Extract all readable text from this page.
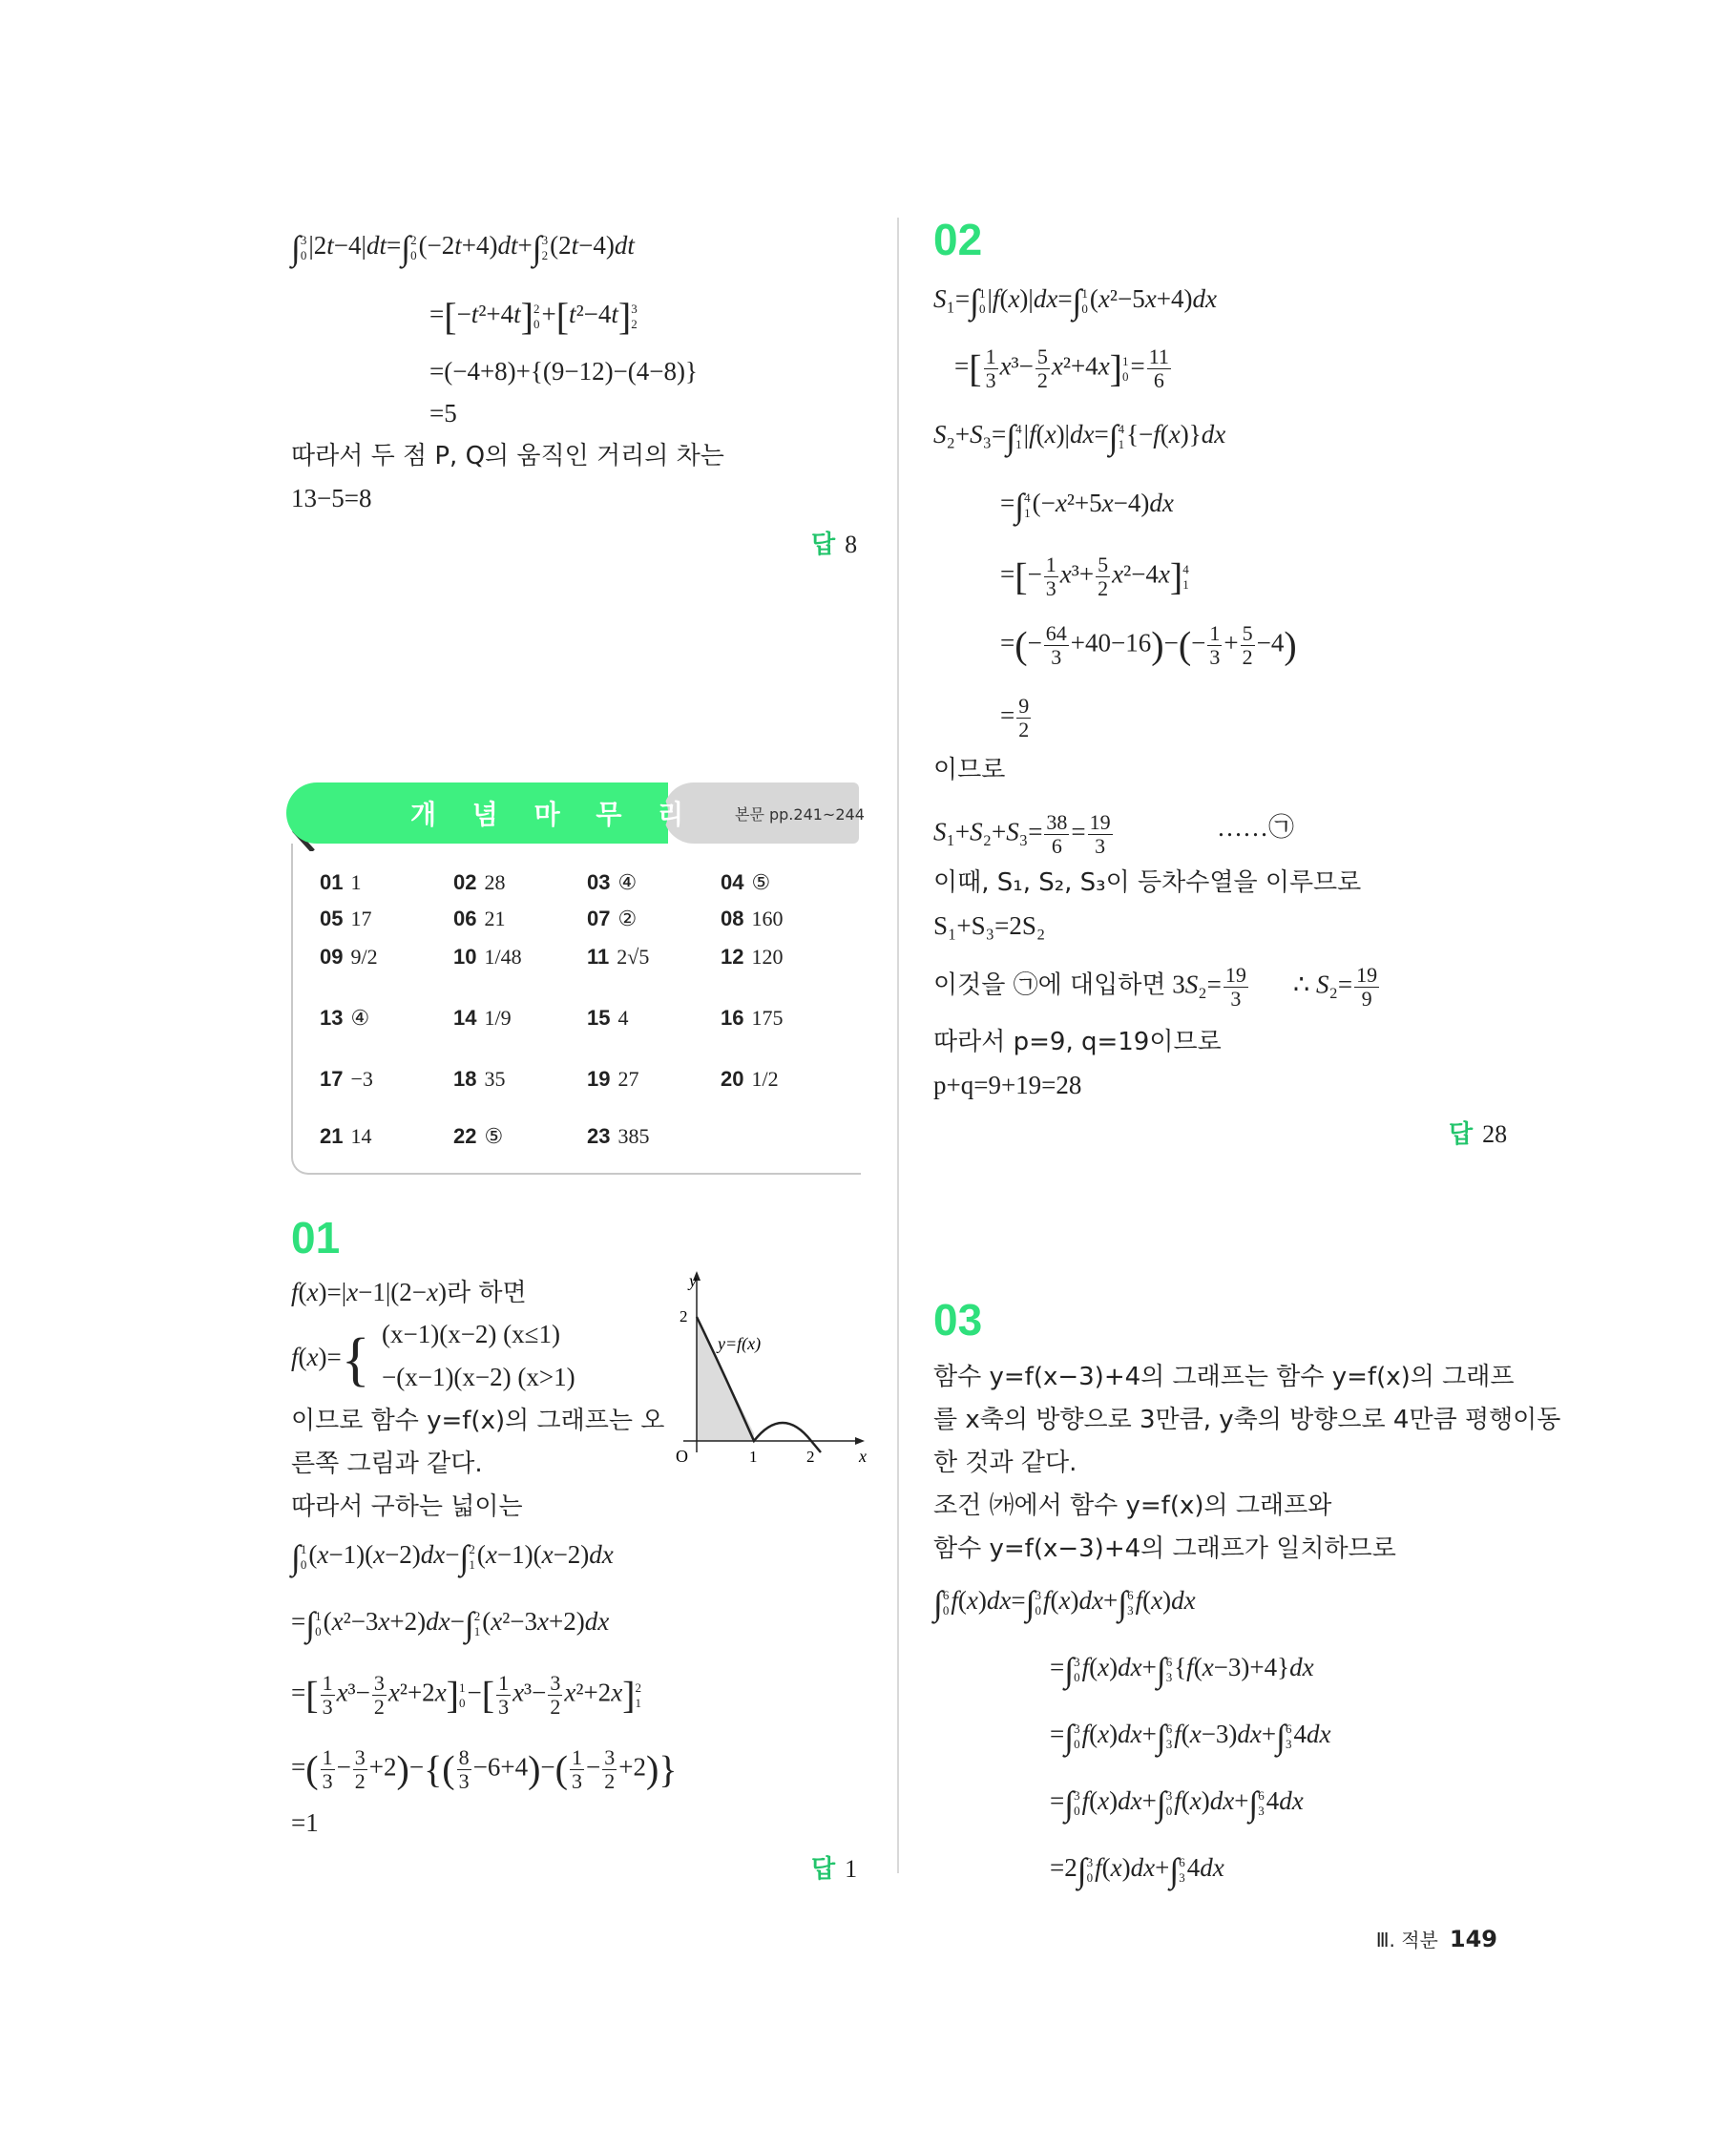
∫ 3
0 |2t−4|dt=∫ 2
0 (−2t+4)dt+∫ 3
2 (2t−4)dt
=[−t²+4t] 2
0 +[t²−4t] 3
2
=(−4+8)+{(9−12)−(4−8)}
=5
따라서 두 점 P, Q의 움직인 거리의 차는
13−5=8
답 8
개 념 마 무 리 본문 pp.241~244
01 1	02 28	03 ④	04 ⑤
05 17	06 21	07 ②	08 160
09 9/2	10 1/48	11 2√5	12 120
13 ④	14 1/9	15 4	16 175
17 −3	18 35	19 27	20 1/2
21 14	22 ⑤	23 385
01
f(x)=|x−1|(2−x)라 하면
f(x)={ (x−1)(x−2) (x≤1)
−(x−1)(x−2) (x>1)
이므로 함수 y=f(x)의 그래프는 오
른쪽 그림과 같다.
따라서 구하는 넓이는
y
x
O
2
1	2
y=f(x)
∫ 1
0 (x−1)(x−2)dx−∫ 2
1 (x−1)(x−2)dx
=∫ 1
0 (x²−3x+2)dx−∫ 2
1 (x²−3x+2)dx
=[ $\frac{1}{3} x^3- \frac{3}{2} x^2+2x$] 1
0 −[ $\frac{1}{3} x^3- \frac{3}{2} x^2+2x$] 2
1
=( $\frac{1}{3} - \frac{3}{2} +2)-\{( \frac{8}{3} -6+4)-( \frac{1}{3} - \frac{3}{2} +2)\}$
=1
답 1
02
S₁=∫ 1
0 |f(x)|dx=∫ 1
0 (x²−5x+4)dx
=[ $\frac{1}{3} x^3- \frac{5}{2} x^2+4x$] 1
$0 = \frac{11}{6}$
S₂+S₃=∫ 4
1 |f(x)|dx=∫ 4
1 {−f(x)}dx
=∫ 4
1 (−x²+5x−4)dx
=[− $\frac{1}{3} x^3+ \frac{5}{2} x^2-4x$] 4
1
=(− $\frac{64}{3} +40-16)-(- \frac{1}{3} + \frac{5}{2} -4)$
= $\frac{9}{2}$
이므로
$S_1+S_2+S_3= \frac{38}{6} = \frac{19}{3}$	……㉠
이때, S₁, S₂, S₃이 등차수열을 이루므로
S₁+S₃=2S₂
이것을 ㉠에 대입하면 $3S_2= \frac{19}{3}$ ∴ $S_2= \frac{19}{9}$
따라서 p=9, q=19이므로
p+q=9+19=28
답 28
03
함수 y=f(x−3)+4의 그래프는 함수 y=f(x)의 그래프
를 x축의 방향으로 3만큼, y축의 방향으로 4만큼 평행이동
한 것과 같다.
조건 ㈎에서 함수 y=f(x)의 그래프와
함수 y=f(x−3)+4의 그래프가 일치하므로
∫ 6
0 f(x)dx=∫ 3
0 f(x)dx+∫ 6
3 f(x)dx
=∫ 3
0 f(x)dx+∫ 6
3 {f(x−3)+4}dx
=∫ 3
0 f(x)dx+∫ 6
3 f(x−3)dx+∫ 6
3 4dx
=∫ 3
0 f(x)dx+∫ 3
0 f(x)dx+∫ 6
3 4dx
=2∫ 3
0 f(x)dx+∫ 6
3 4dx
Ⅲ. 적분 149
